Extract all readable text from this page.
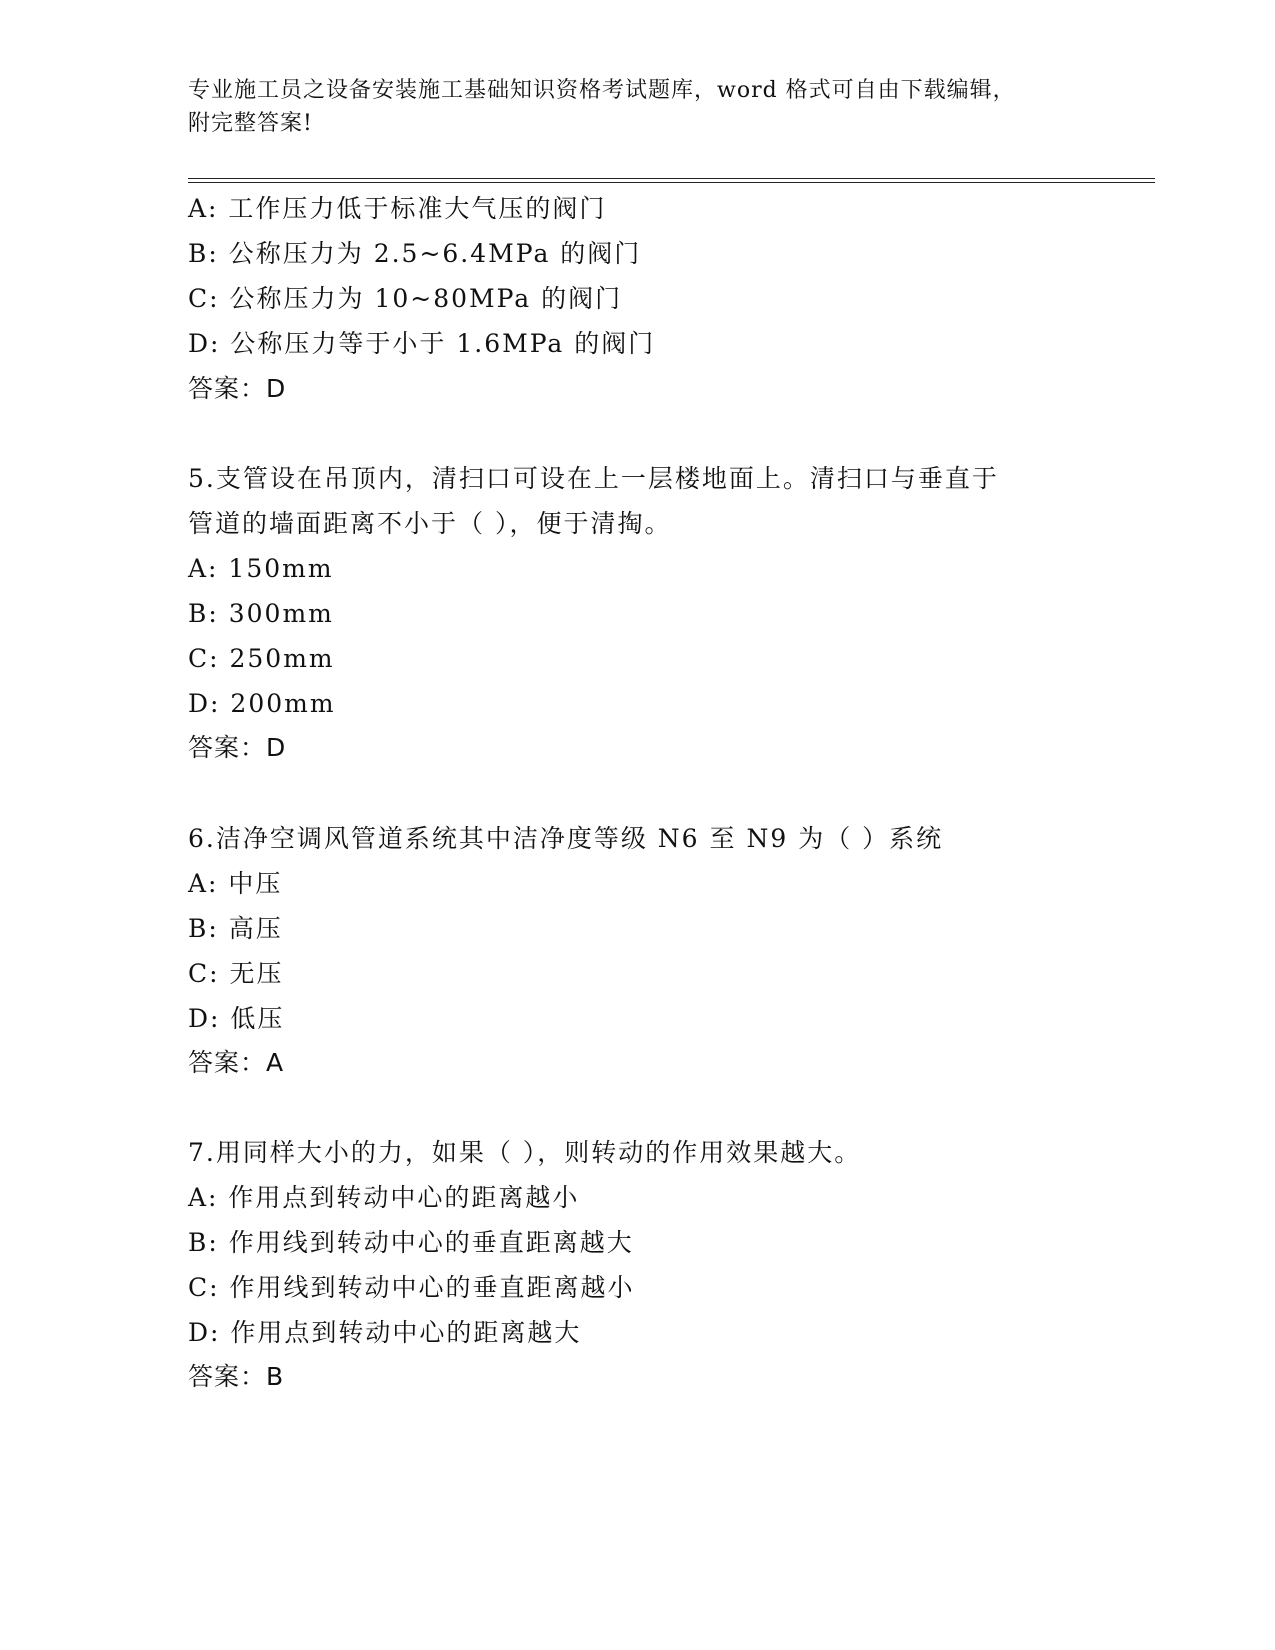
专业施工员之设备安装施工基础知识资格考试题库，word 格式可自由下载编辑，
附完整答案!
A: 工作压力低于标准大气压的阀门
B: 公称压力为 2.5~6.4MPa 的阀门
C: 公称压力为 10~80MPa 的阀门
D: 公称压力等于小于 1.6MPa 的阀门
答案：D
5.支管设在吊顶内，清扫口可设在上一层楼地面上。清扫口与垂直于
管道的墙面距离不小于（ ），便于清掏。
A: 150mm
B: 300mm
C: 250mm
D: 200mm
答案：D
6.洁净空调风管道系统其中洁净度等级 N6 至 N9 为（ ）系统
A: 中压
B: 高压
C: 无压
D: 低压
答案：A
7.用同样大小的力，如果（ ），则转动的作用效果越大。
A: 作用点到转动中心的距离越小
B: 作用线到转动中心的垂直距离越大
C: 作用线到转动中心的垂直距离越小
D: 作用点到转动中心的距离越大
答案：B
